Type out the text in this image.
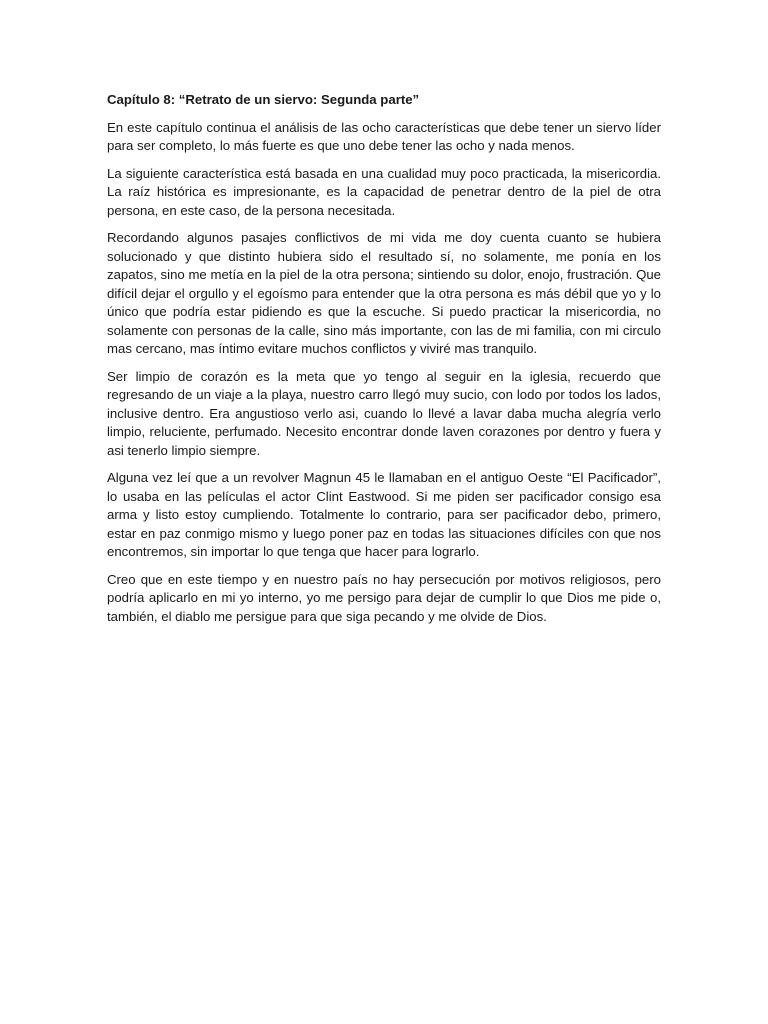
Capítulo 8: “Retrato de un siervo: Segunda parte”

En este capítulo continua el análisis de las ocho características que debe tener un siervo líder para ser completo, lo más fuerte es que uno debe tener las ocho y nada menos.

La siguiente característica está basada en una cualidad muy poco practicada, la misericordia. La raíz histórica es impresionante, es la capacidad de penetrar dentro de la piel de otra persona, en este caso, de la persona necesitada.

Recordando algunos pasajes conflictivos de mi vida me doy cuenta cuanto se hubiera solucionado y que distinto hubiera sido el resultado sí, no solamente, me ponía en los zapatos, sino me metía en la piel de la otra persona; sintiendo su dolor, enojo, frustración. Que difícil dejar el orgullo y el egoísmo para entender que la otra persona es más débil que yo y lo único que podría estar pidiendo es que la escuche. Si puedo practicar la misericordia, no solamente con personas de la calle, sino más importante, con las de mi familia, con mi circulo mas cercano, mas íntimo evitare muchos conflictos y viviré mas tranquilo.

Ser limpio de corazón es la meta que yo tengo al seguir en la iglesia, recuerdo que regresando de un viaje a la playa, nuestro carro llegó muy sucio, con lodo por todos los lados, inclusive dentro. Era angustioso verlo asi, cuando lo llevé a lavar daba mucha alegría verlo limpio, reluciente, perfumado. Necesito encontrar donde laven corazones por dentro y fuera y asi tenerlo limpio siempre.

Alguna vez leí que a un revolver Magnun 45 le llamaban en el antiguo Oeste “El Pacificador”, lo usaba en las películas el actor Clint Eastwood. Si me piden ser pacificador consigo esa arma y listo estoy cumpliendo. Totalmente lo contrario, para ser pacificador debo, primero, estar en paz conmigo mismo y luego poner paz en todas las situaciones difíciles con que nos encontremos, sin importar lo que tenga que hacer para lograrlo.

Creo que en este tiempo y en nuestro país no hay persecución por motivos religiosos, pero podría aplicarlo en mi yo interno, yo me persigo para dejar de cumplir lo que Dios me pide o, también, el diablo me persigue para que siga pecando y me olvide de Dios.
